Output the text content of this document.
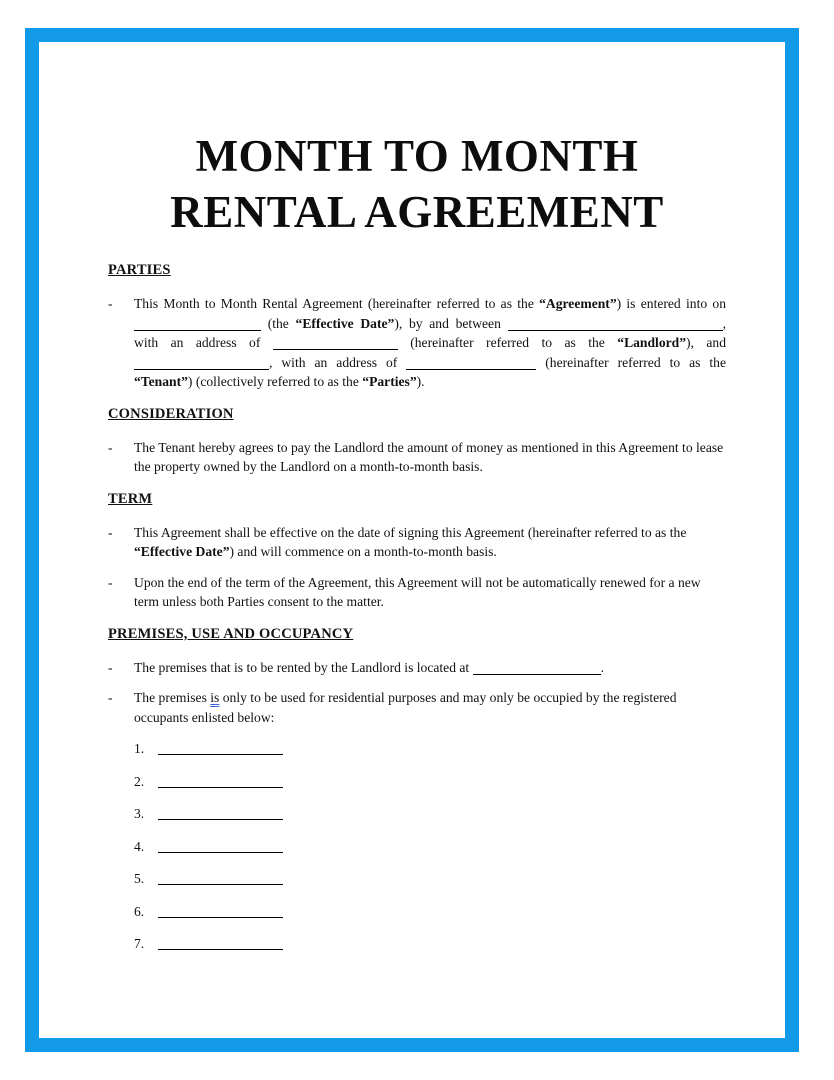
MONTH TO MONTH
RENTAL AGREEMENT
PARTIES
-	This Month to Month Rental Agreement (hereinafter referred to as the “Agreement”) is entered into on  (the “Effective Date”), by and between	, with an address of	(hereinafter referred to as the “Landlord”), and , with an address of	(hereinafter referred to as the “Tenant”) (collectively referred to as the “Parties”).
CONSIDERATION
-	The Tenant hereby agrees to pay the Landlord the amount of money as mentioned in this Agreement to lease the property owned by the Landlord on a month-to-month basis.
TERM
-	This Agreement shall be effective on the date of signing this Agreement (hereinafter referred to as the “Effective Date”) and will commence on a month-to-month basis.
-	Upon the end of the term of the Agreement, this Agreement will not be automatically renewed for a new term unless both Parties consent to the matter.
PREMISES, USE AND OCCUPANCY
-	The premises that is to be rented by the Landlord is located at	.
-	The premises is only to be used for residential purposes and may only be occupied by the registered occupants enlisted below:
1.
2.
3.
4.
5.
6.
7.
